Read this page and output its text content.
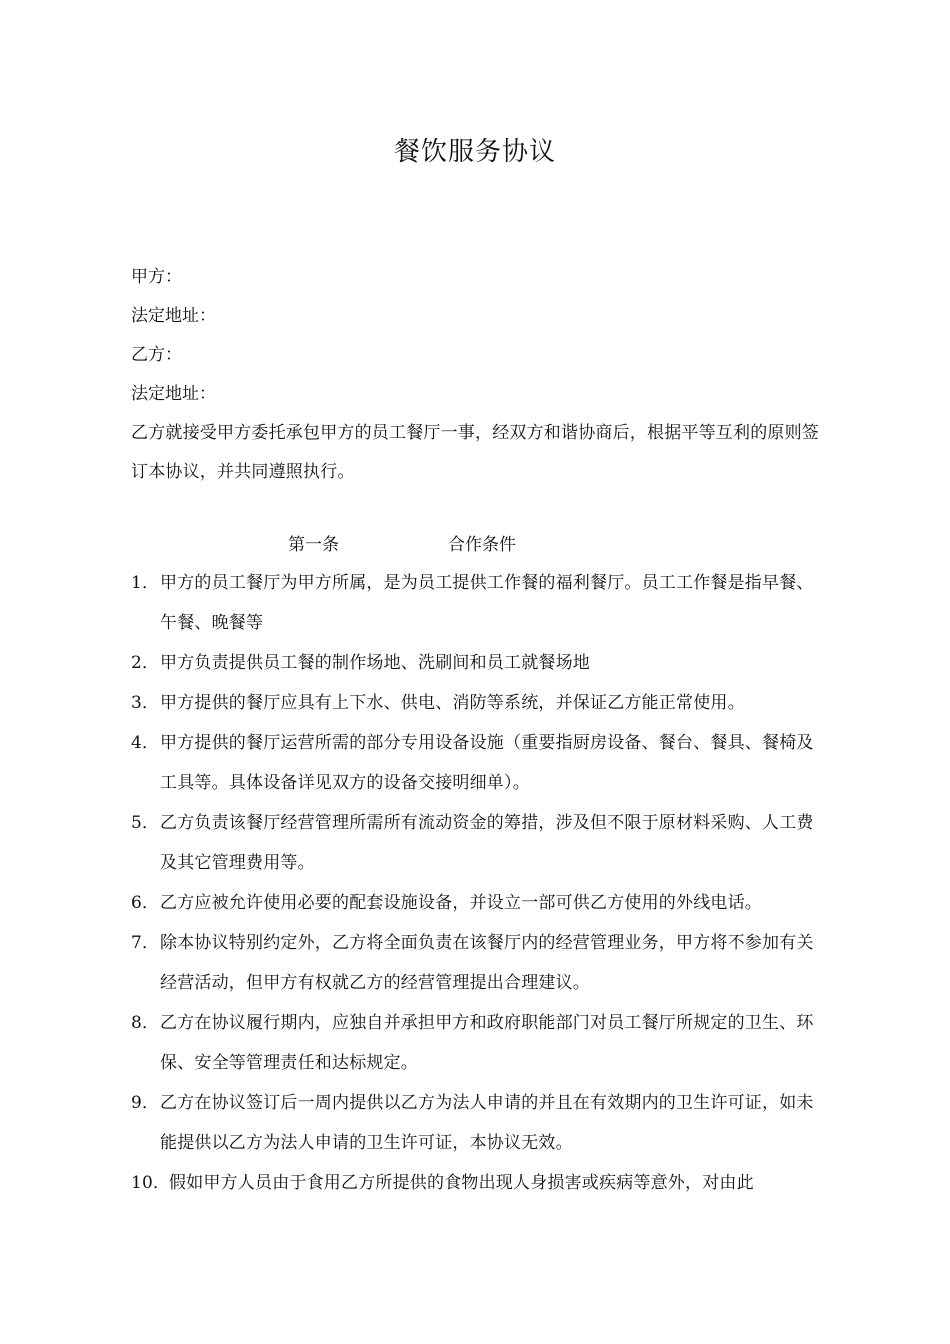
餐饮服务协议
甲方：
法定地址：
乙方：
法定地址：
乙方就接受甲方委托承包甲方的员工餐厅一事，经双方和谐协商后，根据平等互利的原则签订本协议，并共同遵照执行。
第一条	合作条件
1． 甲方的员工餐厅为甲方所属，是为员工提供工作餐的福利餐厅。员工工作餐是指早餐、午餐、晚餐等
2． 甲方负责提供员工餐的制作场地、洗刷间和员工就餐场地
3． 甲方提供的餐厅应具有上下水、供电、消防等系统，并保证乙方能正常使用。
4． 甲方提供的餐厅运营所需的部分专用设备设施（重要指厨房设备、餐台、餐具、餐椅及工具等。具体设备详见双方的设备交接明细单）。
5． 乙方负责该餐厅经营管理所需所有流动资金的筹措，涉及但不限于原材料采购、人工费及其它管理费用等。
6． 乙方应被允许使用必要的配套设施设备，并设立一部可供乙方使用的外线电话。
7． 除本协议特别约定外，乙方将全面负责在该餐厅内的经营管理业务，甲方将不参加有关经营活动，但甲方有权就乙方的经营管理提出合理建议。
8． 乙方在协议履行期内，应独自并承担甲方和政府职能部门对员工餐厅所规定的卫生、环保、安全等管理责任和达标规定。
9． 乙方在协议签订后一周内提供以乙方为法人申请的并且在有效期内的卫生许可证，如未能提供以乙方为法人申请的卫生许可证，本协议无效。
10．
假如甲方人员由于食用乙方所提供的食物出现人身损害或疾病等意外，对由此
